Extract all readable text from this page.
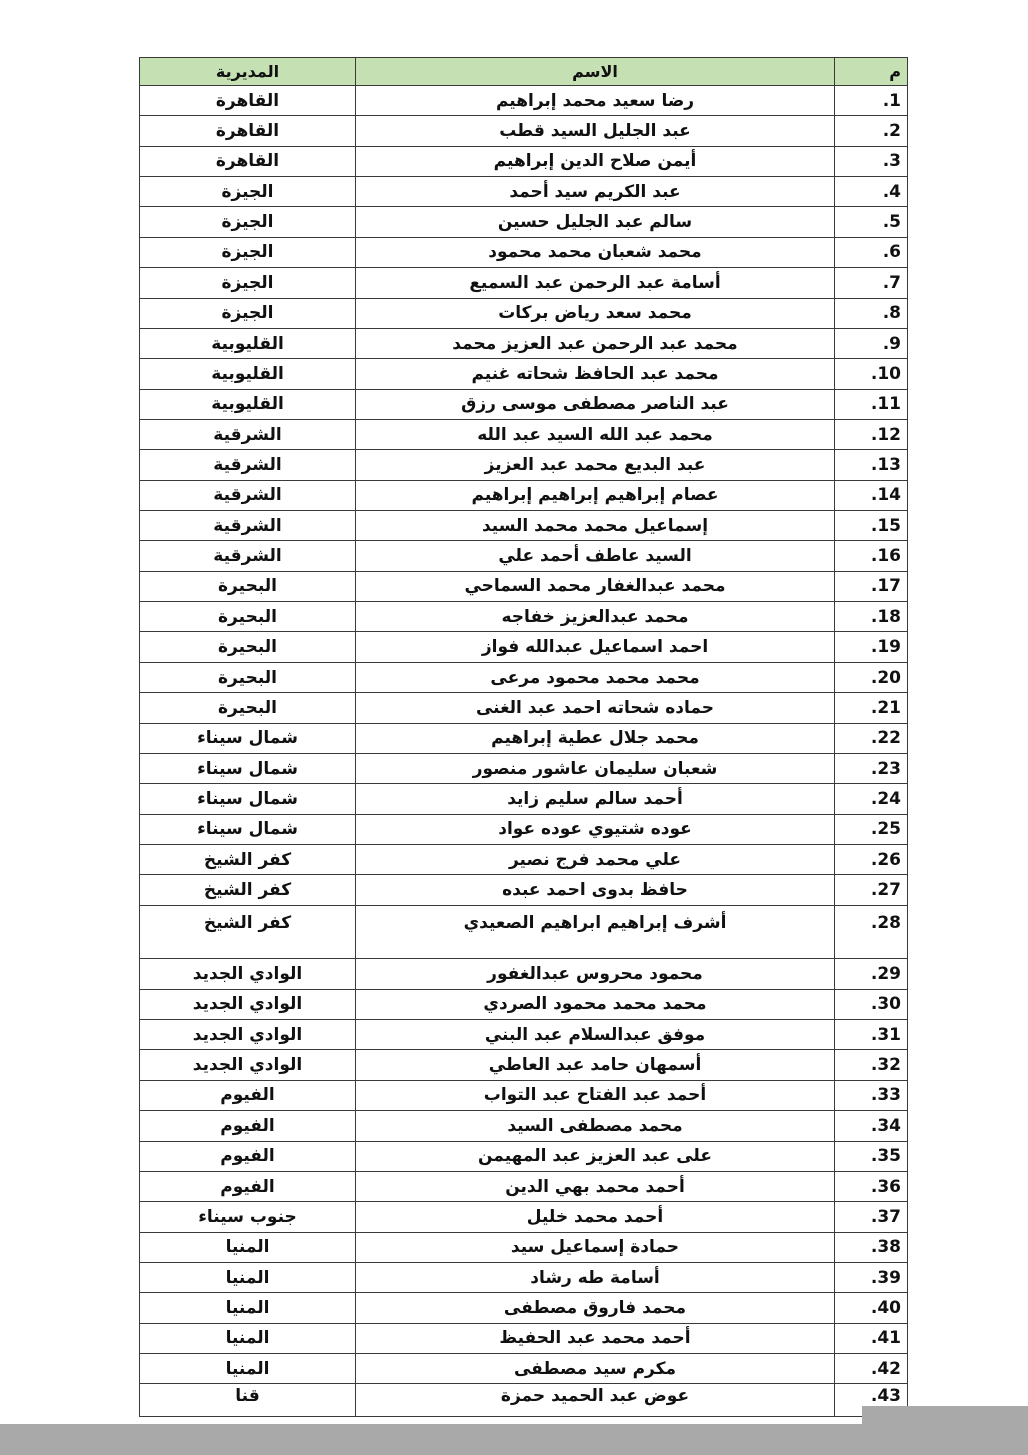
م	الاسم	المديرية
.1	رضا سعيد محمد إبراهيم	القاهرة
.2	عبد الجليل السيد قطب	القاهرة
.3	أيمن صلاح الدين إبراهيم	القاهرة
.4	عبد الكريم سيد أحمد	الجيزة
.5	سالم عبد الجليل حسين	الجيزة
.6	محمد شعبان محمد محمود	الجيزة
.7	أسامة عبد الرحمن عبد السميع	الجيزة
.8	محمد سعد رياض بركات	الجيزة
.9	محمد عبد الرحمن عبد العزيز محمد	القليوبية
.10	محمد عبد الحافظ شحاته غنيم	القليوبية
.11	عبد الناصر مصطفى موسى رزق	القليوبية
.12	محمد عبد الله السيد عبد الله	الشرقية
.13	عبد البديع محمد عبد العزيز	الشرقية
.14	عصام إبراهيم إبراهيم إبراهيم	الشرقية
.15	إسماعيل محمد محمد السيد	الشرقية
.16	السيد عاطف أحمد علي	الشرقية
.17	محمد عبدالغفار محمد السماحي	البحيرة
.18	محمد عبدالعزيز خفاجه	البحيرة
.19	احمد اسماعيل عبدالله فواز	البحيرة
.20	محمد محمد محمود مرعى	البحيرة
.21	حماده شحاته احمد عبد الغنى	البحيرة
.22	محمد جلال عطية إبراهيم	شمال سيناء
.23	شعبان سليمان عاشور منصور	شمال سيناء
.24	أحمد سالم سليم زايد	شمال سيناء
.25	عوده شتيوي عوده عواد	شمال سيناء
.26	علي محمد فرج نصير	كفر الشيخ
.27	حافظ بدوى احمد عبده	كفر الشيخ
.28	أشرف إبراهيم ابراهيم الصعيدي	كفر الشيخ
.29	محمود محروس عبدالغفور	الوادي الجديد
.30	محمد محمد محمود الصردي	الوادي الجديد
.31	موفق عبدالسلام عبد البني	الوادي الجديد
.32	أسمهان حامد عبد العاطي	الوادي الجديد
.33	أحمد عبد الفتاح عبد التواب	الفيوم
.34	محمد مصطفى السيد	الفيوم
.35	على عبد العزيز عبد المهيمن	الفيوم
.36	أحمد محمد بهي الدين	الفيوم
.37	أحمد محمد خليل	جنوب سيناء
.38	حمادة إسماعيل سيد	المنيا
.39	أسامة طه رشاد	المنيا
.40	محمد فاروق مصطفى	المنيا
.41	أحمد محمد عبد الحفيظ	المنيا
.42	مكرم سيد مصطفى	المنيا
.43	عوض عبد الحميد حمزة	قنا
